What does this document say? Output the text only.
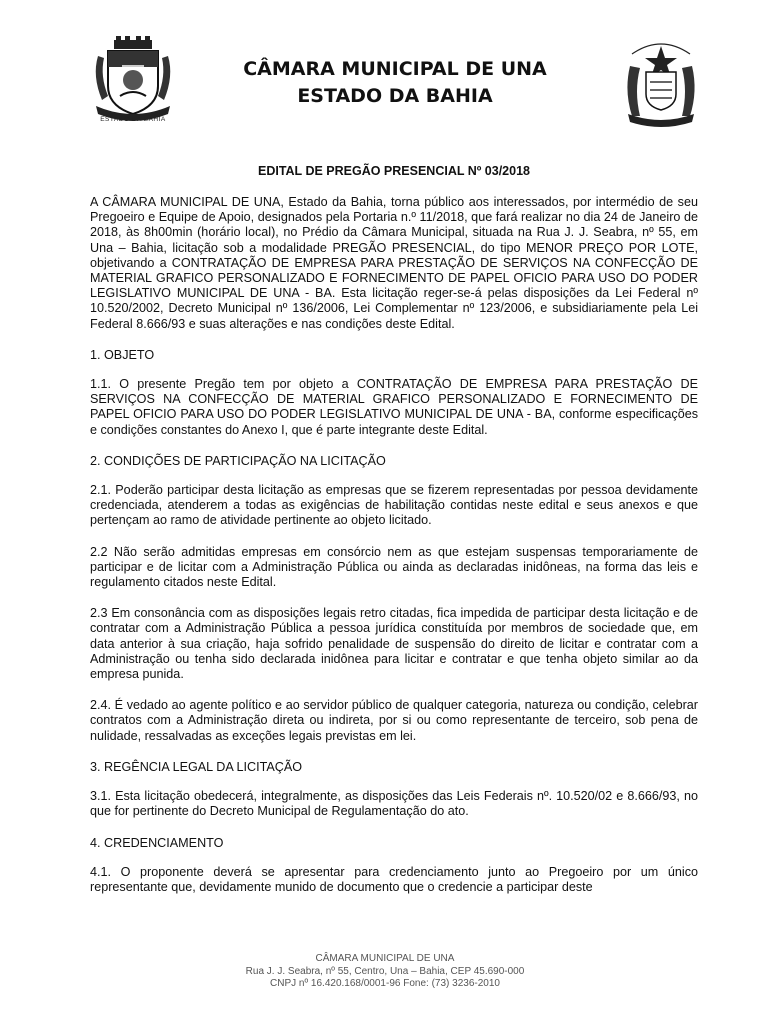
ESTADO DA BAHIA
CÂMARA MUNICIPAL DE UNA
ESTADO DA BAHIA
EDITAL DE PREGÃO PRESENCIAL Nº 03/2018

A CÂMARA MUNICIPAL DE UNA, Estado da Bahia, torna público aos interessados, por intermédio de seu Pregoeiro e Equipe de Apoio, designados pela Portaria n.º 11/2018, que fará realizar no dia 24 de Janeiro de 2018, às 8h00min (horário local), no Prédio da Câmara Municipal, situada na Rua J. J. Seabra, nº 55, em Una – Bahia, licitação sob a modalidade PREGÃO PRESENCIAL, do tipo MENOR PREÇO POR LOTE, objetivando a CONTRATAÇÃO DE EMPRESA PARA PRESTAÇÃO DE SERVIÇOS NA CONFECÇÃO DE MATERIAL GRAFICO PERSONALIZADO E FORNECIMENTO DE PAPEL OFICIO PARA USO DO PODER LEGISLATIVO MUNICIPAL DE UNA - BA. Esta licitação reger-se-á pelas disposições da Lei Federal nº 10.520/2002, Decreto Municipal nº 136/2006, Lei Complementar nº 123/2006, e subsidiariamente pela Lei Federal 8.666/93 e suas alterações e nas condições deste Edital.

1. OBJETO

1.1. O presente Pregão tem por objeto a CONTRATAÇÃO DE EMPRESA PARA PRESTAÇÃO DE SERVIÇOS NA CONFECÇÃO DE MATERIAL GRAFICO PERSONALIZADO E FORNECIMENTO DE PAPEL OFICIO PARA USO DO PODER LEGISLATIVO MUNICIPAL DE UNA - BA, conforme especificações e condições constantes do Anexo I, que é parte integrante deste Edital.

2. CONDIÇÕES DE PARTICIPAÇÃO NA LICITAÇÃO

2.1. Poderão participar desta licitação as empresas que se fizerem representadas por pessoa devidamente credenciada, atenderem a todas as exigências de habilitação contidas neste edital e seus anexos e que pertençam ao ramo de atividade pertinente ao objeto licitado.

2.2 Não serão admitidas empresas em consórcio nem as que estejam suspensas temporariamente de participar e de licitar com a Administração Pública ou ainda as declaradas inidôneas, na forma das leis e regulamento citados neste Edital.

2.3 Em consonância com as disposições legais retro citadas, fica impedida de participar desta licitação e de contratar com a Administração Pública a pessoa jurídica constituída por membros de sociedade que, em data anterior à sua criação, haja sofrido penalidade de suspensão do direito de licitar e contratar com a Administração ou tenha sido declarada inidônea para licitar e contratar e que tenha objeto similar ao da empresa punida.

2.4. É vedado ao agente político e ao servidor público de qualquer categoria, natureza ou condição, celebrar contratos com a Administração direta ou indireta, por si ou como representante de terceiro, sob pena de nulidade, ressalvadas as exceções legais previstas em lei.

3. REGÊNCIA LEGAL DA LICITAÇÃO

3.1. Esta licitação obedecerá, integralmente, as disposições das Leis Federais nº. 10.520/02 e 8.666/93, no que for pertinente do Decreto Municipal de Regulamentação do ato.

4. CREDENCIAMENTO

4.1. O proponente deverá se apresentar para credenciamento junto ao Pregoeiro por um único representante que, devidamente munido de documento que o credencie a participar deste

CÂMARA MUNICIPAL DE UNA
Rua J. J. Seabra, nº 55, Centro, Una – Bahia, CEP 45.690-000
CNPJ nº 16.420.168/0001-96 Fone: (73) 3236-2010
